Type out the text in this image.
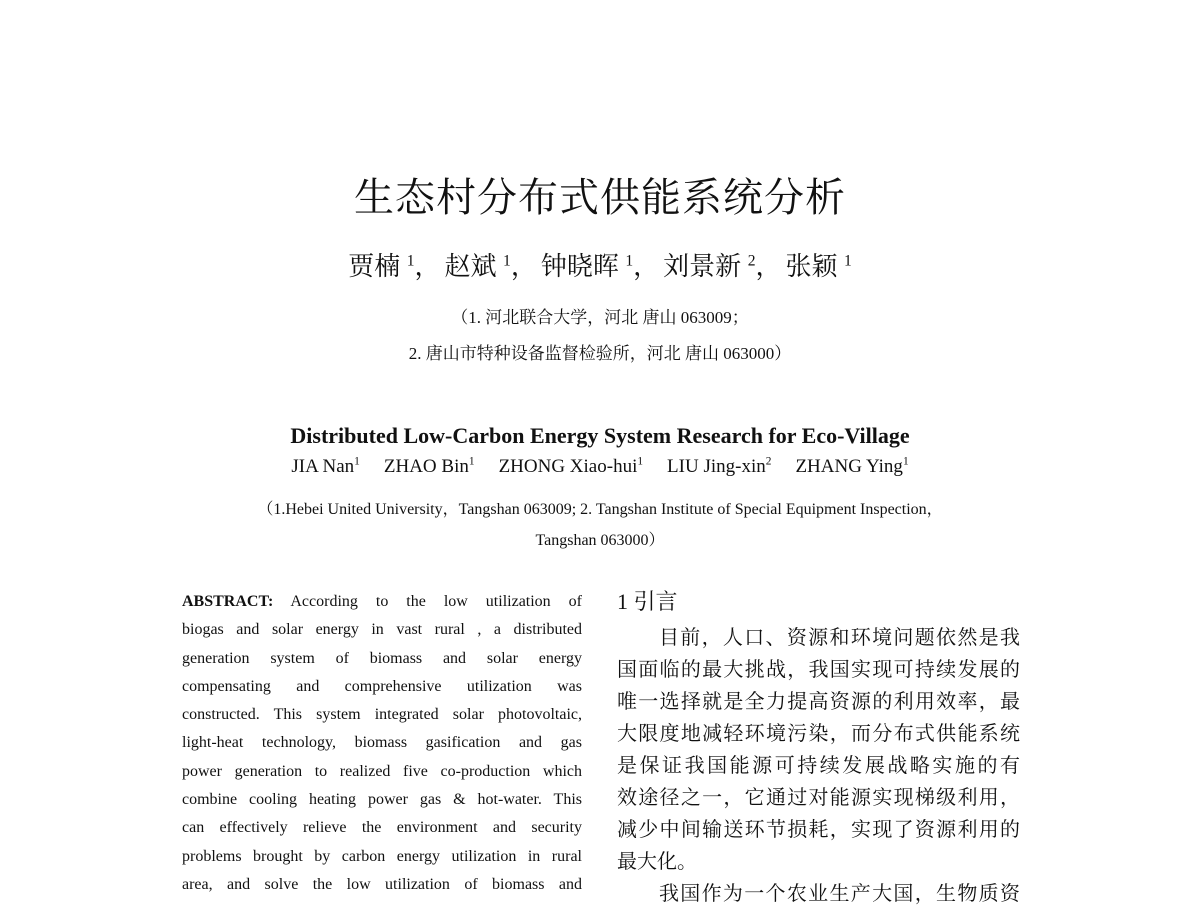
生态村分布式供能系统分析
贾楠 $^1$， 赵斌 $^1$， 钟晓晖 $^1$， 刘景新 $^2$， 张颖 $^1$
（1. 河北联合大学，河北 唐山 063009；
2. 唐山市特种设备监督检验所，河北 唐山 063000）
Distributed Low-Carbon Energy System Research for Eco-Village
JIA Nan$^1$ ZHAO Bin$^1$ ZHONG Xiao-hui$^1$ LIU Jing-xin$^2$ ZHANG Ying$^1$
（1.Hebei United University，Tangshan 063009; 2. Tangshan Institute of Special Equipment Inspection，
Tangshan 063000）
ABSTRACT: According to the low utilization of
biogas and solar energy in vast rural , a distributed
generation system of biomass and solar energy
compensating and comprehensive utilization was
constructed. This system integrated solar photovoltaic,
light-heat technology, biomass gasification and gas
power generation to realized five co-production which
combine cooling heating power gas & hot-water. This
can effectively relieve the environment and security
problems brought by carbon energy utilization in rural
area, and solve the low utilization of biomass and
1 引言
目前，人口、资源和环境问题依然是我
国面临的最大挑战，我国实现可持续发展的
唯一选择就是全力提高资源的利用效率，最
大限度地减轻环境污染，而分布式供能系统
是保证我国能源可持续发展战略实施的有
效途径之一，它通过对能源实现梯级利用，
减少中间输送环节损耗，实现了资源利用的
最大化。
我国作为一个农业生产大国，生物质资
